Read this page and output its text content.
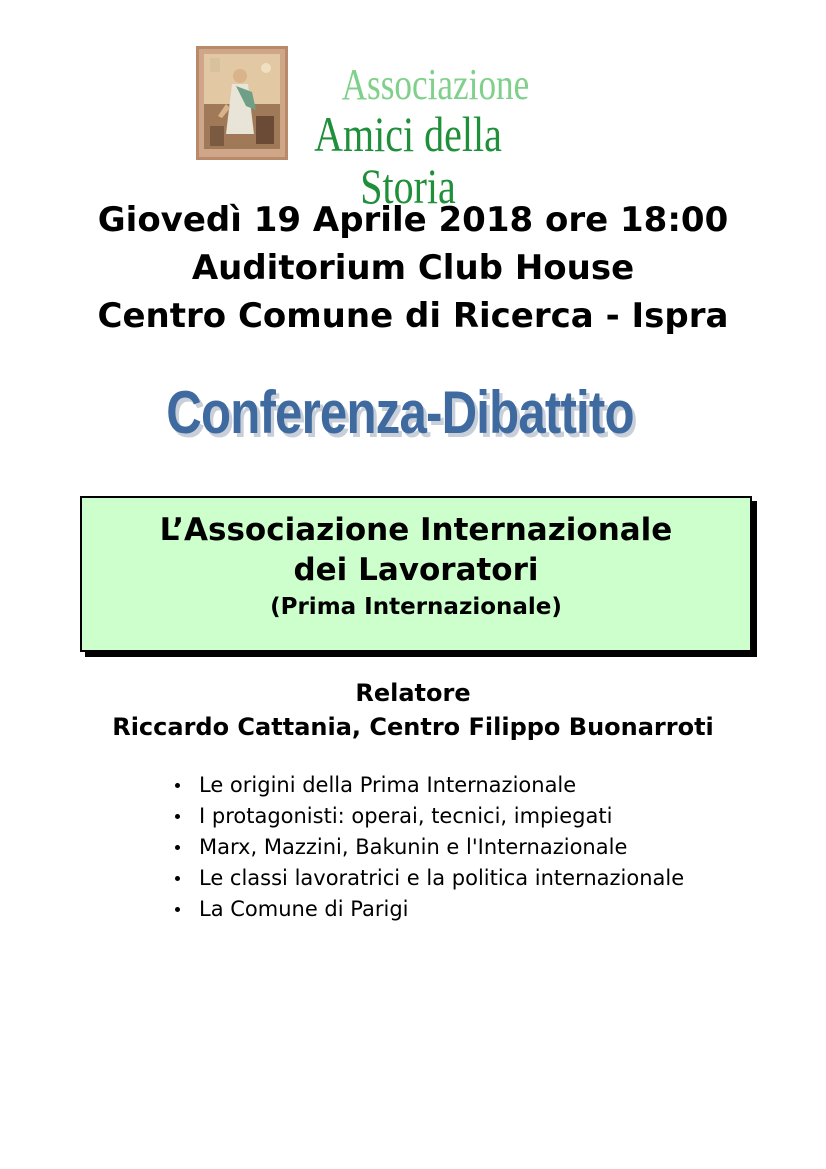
Associazione
Amici della Storia
Giovedì 19 Aprile 2018 ore 18:00
Auditorium Club House
Centro Comune di Ricerca - Ispra
Conferenza-Dibattito
L’Associazione Internazionale
dei Lavoratori
(Prima Internazionale)
Relatore
Riccardo Cattania, Centro Filippo Buonarroti
Le origini della Prima Internazionale
I protagonisti: operai, tecnici, impiegati
Marx, Mazzini, Bakunin e l'Internazionale
Le classi lavoratrici e la politica internazionale
La Comune di Parigi
